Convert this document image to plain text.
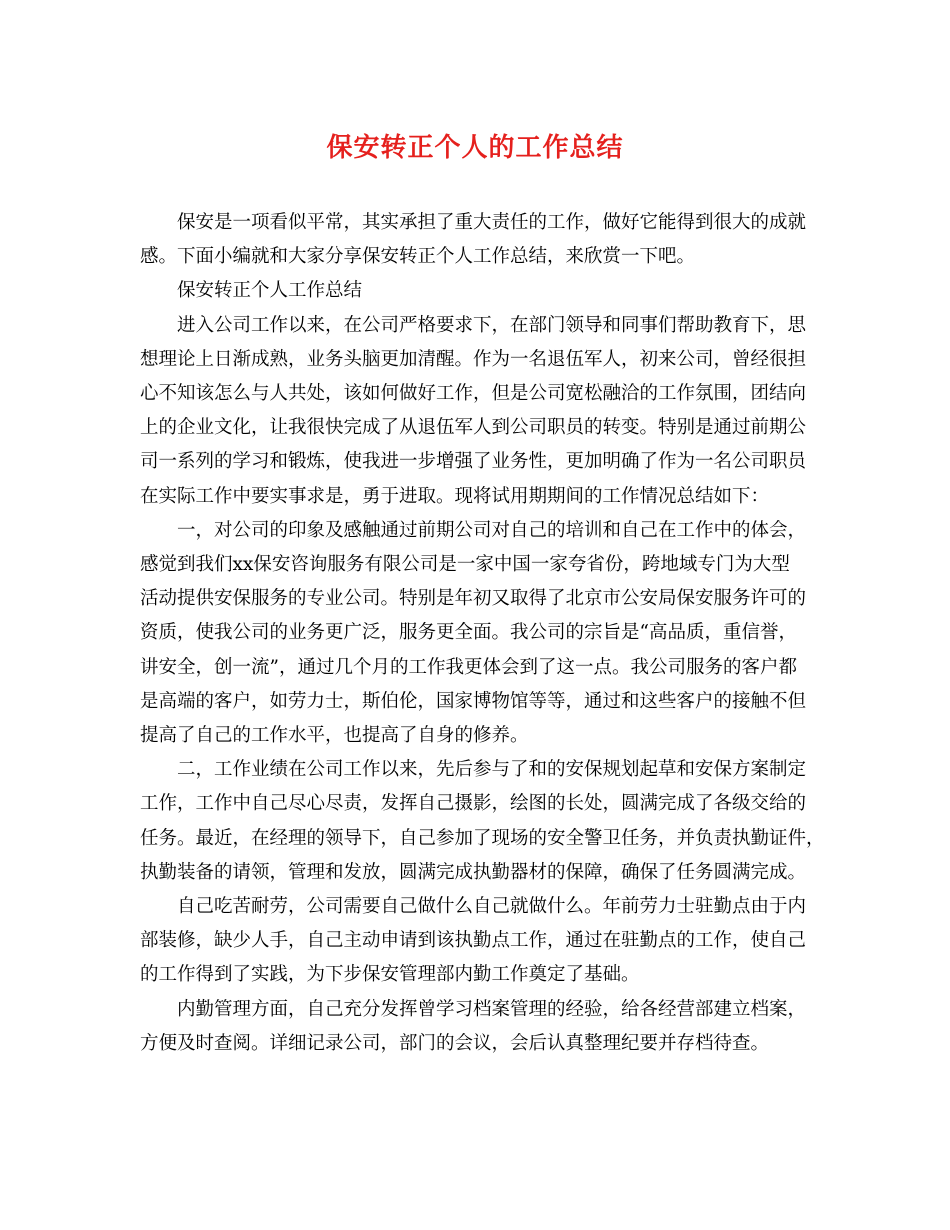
保安转正个人的工作总结

保安是一项看似平常，其实承担了重大责任的工作，做好它能得到很大的成就
感。下面小编就和大家分享保安转正个人工作总结，来欣赏一下吧。

保安转正个人工作总结

进入公司工作以来，在公司严格要求下，在部门领导和同事们帮助教育下，思
想理论上日渐成熟，业务头脑更加清醒。作为一名退伍军人，初来公司，曾经很担
心不知该怎么与人共处，该如何做好工作，但是公司宽松融洽的工作氛围，团结向
上的企业文化，让我很快完成了从退伍军人到公司职员的转变。特别是通过前期公
司一系列的学习和锻炼，使我进一步增强了业务性，更加明确了作为一名公司职员
在实际工作中要实事求是，勇于进取。现将试用期期间的工作情况总结如下：

一，对公司的印象及感触通过前期公司对自己的培训和自己在工作中的体会，
感觉到我们xx保安咨询服务有限公司是一家中国一家夸省份，跨地域专门为大型
活动提供安保服务的专业公司。特别是年初又取得了北京市公安局保安服务许可的
资质，使我公司的业务更广泛，服务更全面。我公司的宗旨是“高品质，重信誉，
讲安全，创一流”，通过几个月的工作我更体会到了这一点。我公司服务的客户都
是高端的客户，如劳力士，斯伯伦，国家博物馆等等，通过和这些客户的接触不但
提高了自己的工作水平，也提高了自身的修养。

二，工作业绩在公司工作以来，先后参与了和的安保规划起草和安保方案制定
工作，工作中自己尽心尽责，发挥自己摄影，绘图的长处，圆满完成了各级交给的
任务。最近，在经理的领导下，自己参加了现场的安全警卫任务，并负责执勤证件，
执勤装备的请领，管理和发放，圆满完成执勤器材的保障，确保了任务圆满完成。

自己吃苦耐劳，公司需要自己做什么自己就做什么。年前劳力士驻勤点由于内
部装修，缺少人手，自己主动申请到该执勤点工作，通过在驻勤点的工作，使自己
的工作得到了实践，为下步保安管理部内勤工作奠定了基础。

内勤管理方面，自己充分发挥曾学习档案管理的经验，给各经营部建立档案，
方便及时查阅。详细记录公司，部门的会议，会后认真整理纪要并存档待查。
